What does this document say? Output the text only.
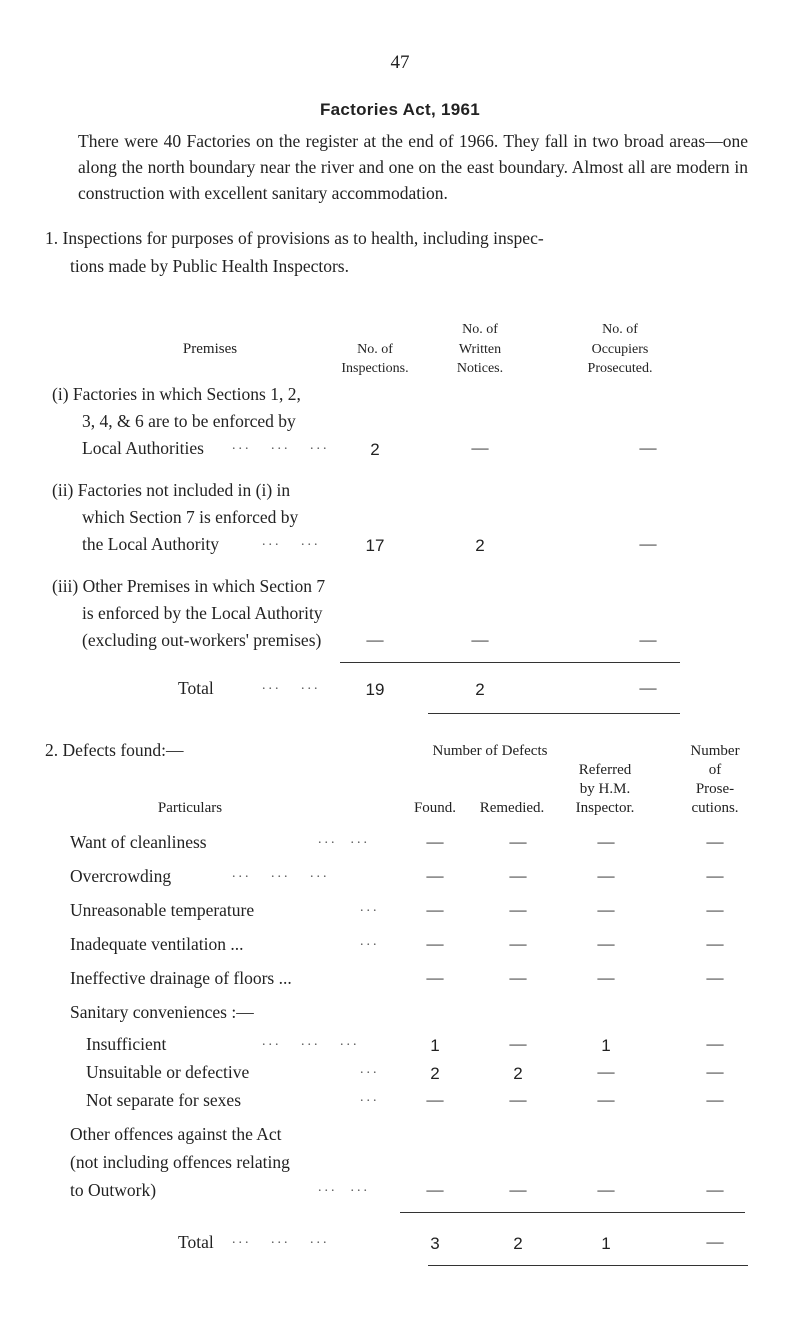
47
Factories Act, 1961
There were 40 Factories on the register at the end of 1966. They fall in two broad areas—one along the north boundary near the river and one on the east boundary. Almost all are modern in construction with excellent sanitary accommodation.
1. Inspections for purposes of provisions as to health, including inspec-
tions made by Public Health Inspectors.
Premises	No. of
Inspections.
No. of
Written
Notices.
No. of
Occupiers
Prosecuted.
(i) Factories in which Sections 1, 2,
3, 4, & 6 are to be enforced by
Local Authorities ...   ...   ...	2	—	—
(ii) Factories not included in (i) in
which Section 7 is enforced by
the Local Authority	...   ...	17	2	—
(iii) Other Premises in which Section 7
is enforced by the Local Authority
(excluding out-workers' premises)	—	—	—
Total	...   ...	19	2	—
2. Defects found:—	Number of Defects
Particulars	Found.	Remedied.
Referred
by H.M.
Inspector.
Number
of
Prose-
cutions.
Want of cleanliness	...  ...	—	—	—	—
Overcrowding	...   ...   ...	—	—	—	—
Unreasonable temperature	...	—	—	—	—
Inadequate ventilation ...	...	—	—	—	—
Ineffective drainage of floors ...	—	—	—	—
Sanitary conveniences :—
Insufficient	...   ...   ...	1	—	1	—
Unsuitable or defective	...	2	2	—	—
Not separate for sexes	...	—	—	—	—
Other offences against the Act
(not including offences relating
to Outwork)	...  ...	—	—	—	—
Total ...   ...   ...	3	2	1	—
